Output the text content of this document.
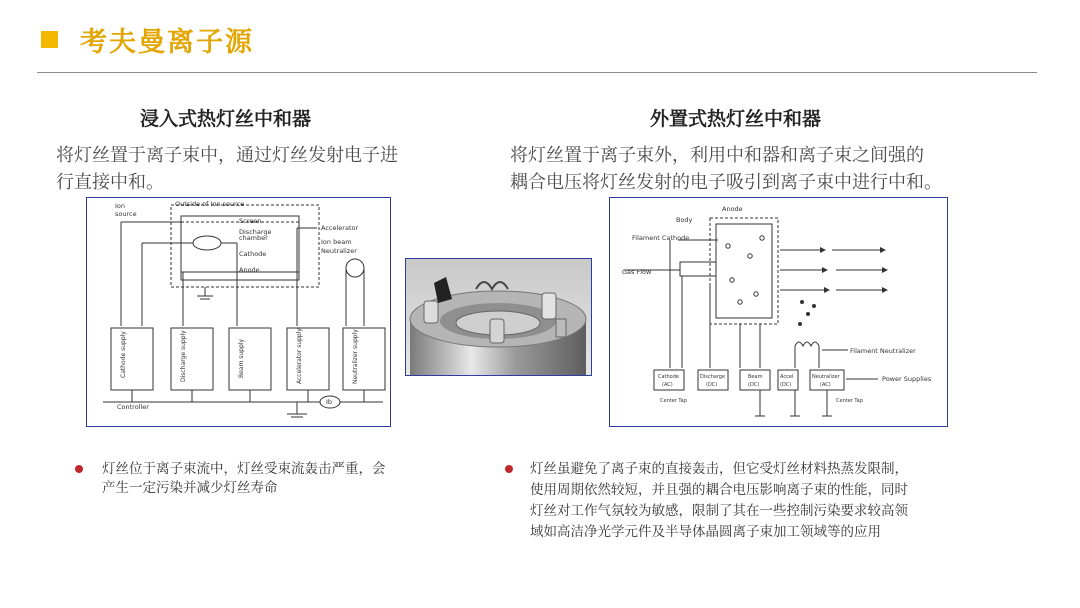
考夫曼离子源
浸入式热灯丝中和器
将灯丝置于离子束中，通过灯丝发射电子进
行直接中和。
外置式热灯丝中和器
将灯丝置于离子束外，利用中和器和离子束之间强的
耦合电压将灯丝发射的电子吸引到离子束中进行中和。
Outside of Ion source
Ion
source
Screen
Accelerator
Discharge
chamber	Ion beam
Neutralizer
Cathode
Anode
Controller
Ib
Cathode supply	Discharge supply	Beam supply	Accelerator supply	Neutralizer supply
Anode
Body
Filament Cathode
Gas Flow
Filament Neutralizer
Power Supplies
Center Tap	Center Tap
Cathode
(AC)
Discharge
(DC)
Beam
(DC)
Accel
(DC)
Neutralizer
(AC)
灯丝位于离子束流中，灯丝受束流轰击严重，会
产生一定污染并减少灯丝寿命
灯丝虽避免了离子束的直接轰击，但它受灯丝材料热蒸发限制，
使用周期依然较短，并且强的耦合电压影响离子束的性能，同时
灯丝对工作气氛较为敏感，限制了其在一些控制污染要求较高领
域如高洁净光学元件及半导体晶圆离子束加工领域等的应用
